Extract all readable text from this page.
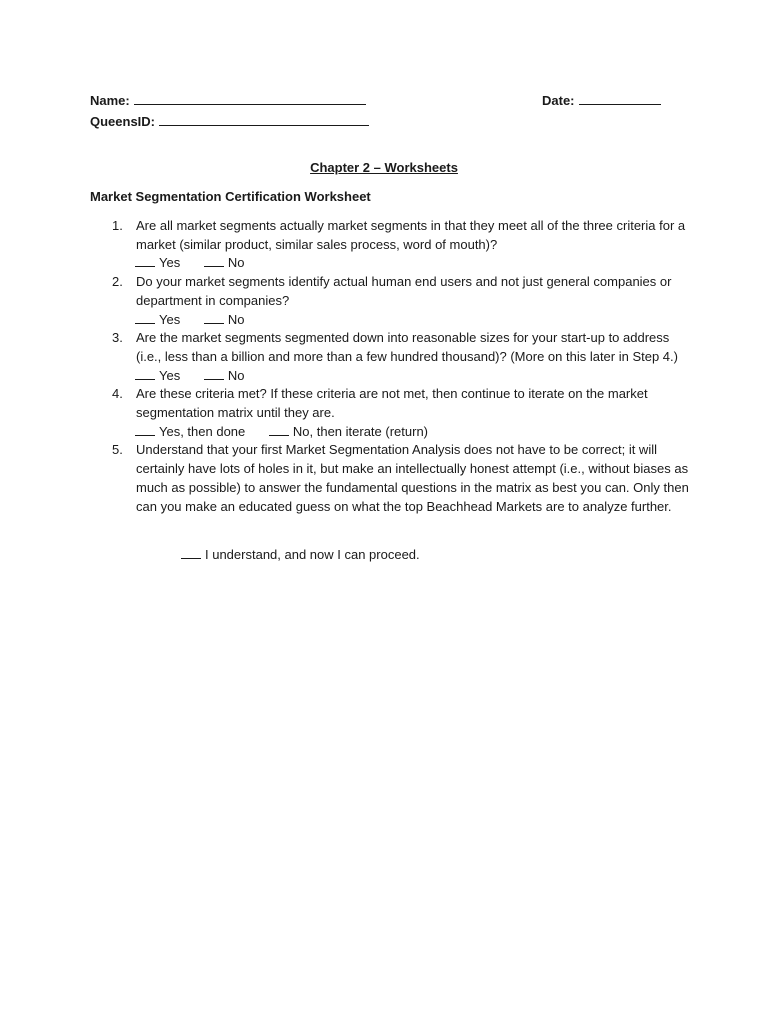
Name:	Date:
QueensID:
Chapter 2 – Worksheets
Market Segmentation Certification Worksheet
1. Are all market segments actually market segments in that they meet all of the three criteria for a market (similar product, similar sales process, word of mouth)?
Yes	No
2. Do your market segments identify actual human end users and not just general companies or department in companies?
Yes	No
3. Are the market segments segmented down into reasonable sizes for your start-up to address (i.e., less than a billion and more than a few hundred thousand)? (More on this later in Step 4.)
Yes	No
4. Are these criteria met? If these criteria are not met, then continue to iterate on the market segmentation matrix until they are.
Yes, then done	No, then iterate (return)
5. Understand that your first Market Segmentation Analysis does not have to be correct; it will certainly have lots of holes in it, but make an intellectually honest attempt (i.e., without biases as much as possible) to answer the fundamental questions in the matrix as best you can. Only then can you make an educated guess on what the top Beachhead Markets are to analyze further.
I understand, and now I can proceed.
